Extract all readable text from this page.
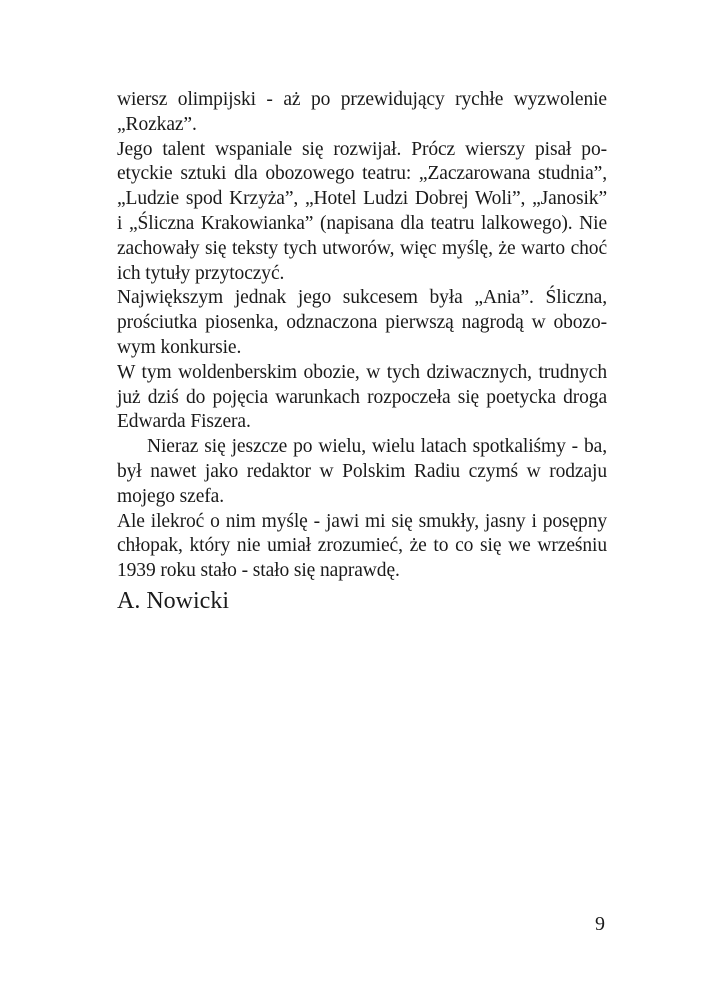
wiersz olimpijski - aż po przewidujący rychłe wyzwolenie
„Rozkaz”.
Jego talent wspaniale się rozwijał. Prócz wierszy pisał po-
etyckie sztuki dla obozowego teatru: „Zaczarowana studnia”,
„Ludzie spod Krzyża”, „Hotel Ludzi Dobrej Woli”, „Janosik”
i „Śliczna Krakowianka” (napisana dla teatru lalkowego). Nie
zachowały się teksty tych utworów, więc myślę, że warto choć
ich tytuły przytoczyć.
Największym jednak jego sukcesem była „Ania”. Śliczna,
prościutka piosenka, odznaczona pierwszą nagrodą w obozo-
wym konkursie.
W tym woldenberskim obozie, w tych dziwacznych, trudnych
już dziś do pojęcia warunkach rozpoczeła się poetycka droga
Edwarda Fiszera.
Nieraz się jeszcze po wielu, wielu latach spotkaliśmy - ba,
był nawet jako redaktor w Polskim Radiu czymś w rodzaju
mojego szefa.
Ale ilekroć o nim myślę - jawi mi się smukły, jasny i posępny
chłopak, który nie umiał zrozumieć, że to co się we wrześniu
1939 roku stało - stało się naprawdę.
A. Nowicki
9
